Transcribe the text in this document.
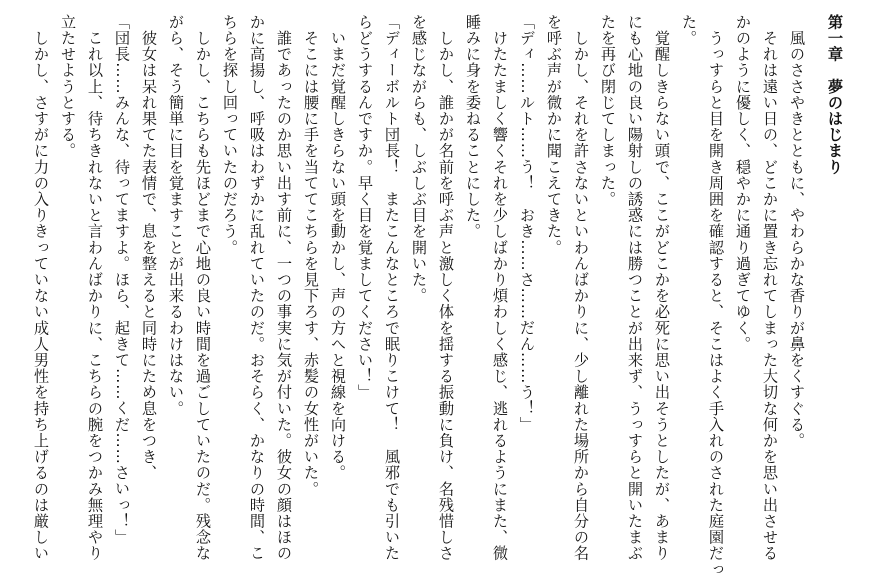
第一章　夢のはじまり
　風のささやきとともに、やわらかな香りが鼻をくすぐる。
　それは遠い日の、どこかに置き忘れてしまった大切な何かを思い出させる
かのように優しく、穏やかに通り過ぎてゆく。
　うっすらと目を開き周囲を確認すると、そこはよく手入れのされた庭園だっ
た。
　覚醒しきらない頭で、ここがどこかを必死に思い出そうとしたが、あまり
にも心地の良い陽射しの誘惑には勝つことが出来ず、うっすらと開いたまぶ
たを再び閉じてしまった。
　しかし、それを許さないといわんばかりに、少し離れた場所から自分の名
を呼ぶ声が微かに聞こえてきた。
「ディ……ルト……う！　おき……さ……だん……う！」
　けたたましく響くそれを少しばかり煩わしく感じ、逃れるようにまた、微
睡みに身を委ねることにした。
　しかし、誰かが名前を呼ぶ声と激しく体を揺する振動に負け、名残惜しさ
を感じながらも、しぶしぶ目を開いた。
「ディーボルト団長！　またこんなところで眠りこけて！　風邪でも引いた
らどうするんですか。早く目を覚ましてください！」
　いまだ覚醒しきらない頭を動かし、声の方へと視線を向ける。
　そこには腰に手を当ててこちらを見下ろす、赤髪の女性がいた。
　誰であったのか思い出す前に、一つの事実に気が付いた。彼女の顔はほの
かに高揚し、呼吸はわずかに乱れていたのだ。おそらく、かなりの時間、こ
ちらを探し回っていたのだろう。
　しかし、こちらも先ほどまで心地の良い時間を過ごしていたのだ。残念な
がら、そう簡単に目を覚ますことが出来るわけはない。
　彼女は呆れ果てた表情で、息を整えると同時にため息をつき、
「団長……みんな、待ってますよ。ほら、起きて……くだ……さいっ！」
　これ以上、待ちきれないと言わんばかりに、こちらの腕をつかみ無理やり
立たせようとする。
　しかし、さすがに力の入りきっていない成人男性を持ち上げるのは厳しい
